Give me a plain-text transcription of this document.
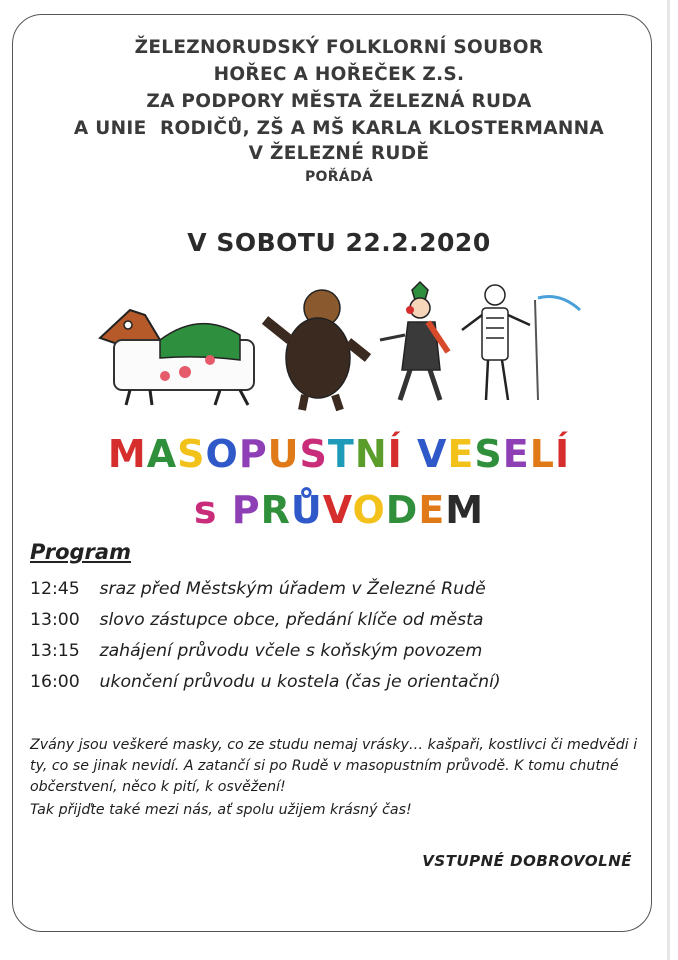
ŽELEZNORUDSKÝ FOLKLORNÍ SOUBOR
HOŘEC A HOŘEČEK Z.S.
ZA PODPORY MĚSTA ŽELEZNÁ RUDA
A UNIE  RODIČŮ, ZŠ A MŠ KARLA KLOSTERMANNA
V ŽELEZNÉ RUDĚ
POŘÁDÁ
V SOBOTU 22.2.2020
MASOPUSTNÍ VESELÍ
s PRŮVODEM
Program
12:45 sraz před Městským úřadem v Železné Rudě
13:00 slovo zástupce obce, předání klíče od města
13:15 zahájení průvodu včele s koňským povozem
16:00 ukončení průvodu u kostela (čas je orientační)
Zvány jsou veškeré masky, co ze studu nemaj vrásky… kašpaři, kostlivci či medvědi i ty, co se jinak nevidí. A zatančí si po Rudě v masopustním průvodě. K tomu chutné občerstvení, něco k pití, k osvěžení!
Tak přijďte také mezi nás, ať spolu užijem krásný čas!
VSTUPNÉ DOBROVOLNÉ
